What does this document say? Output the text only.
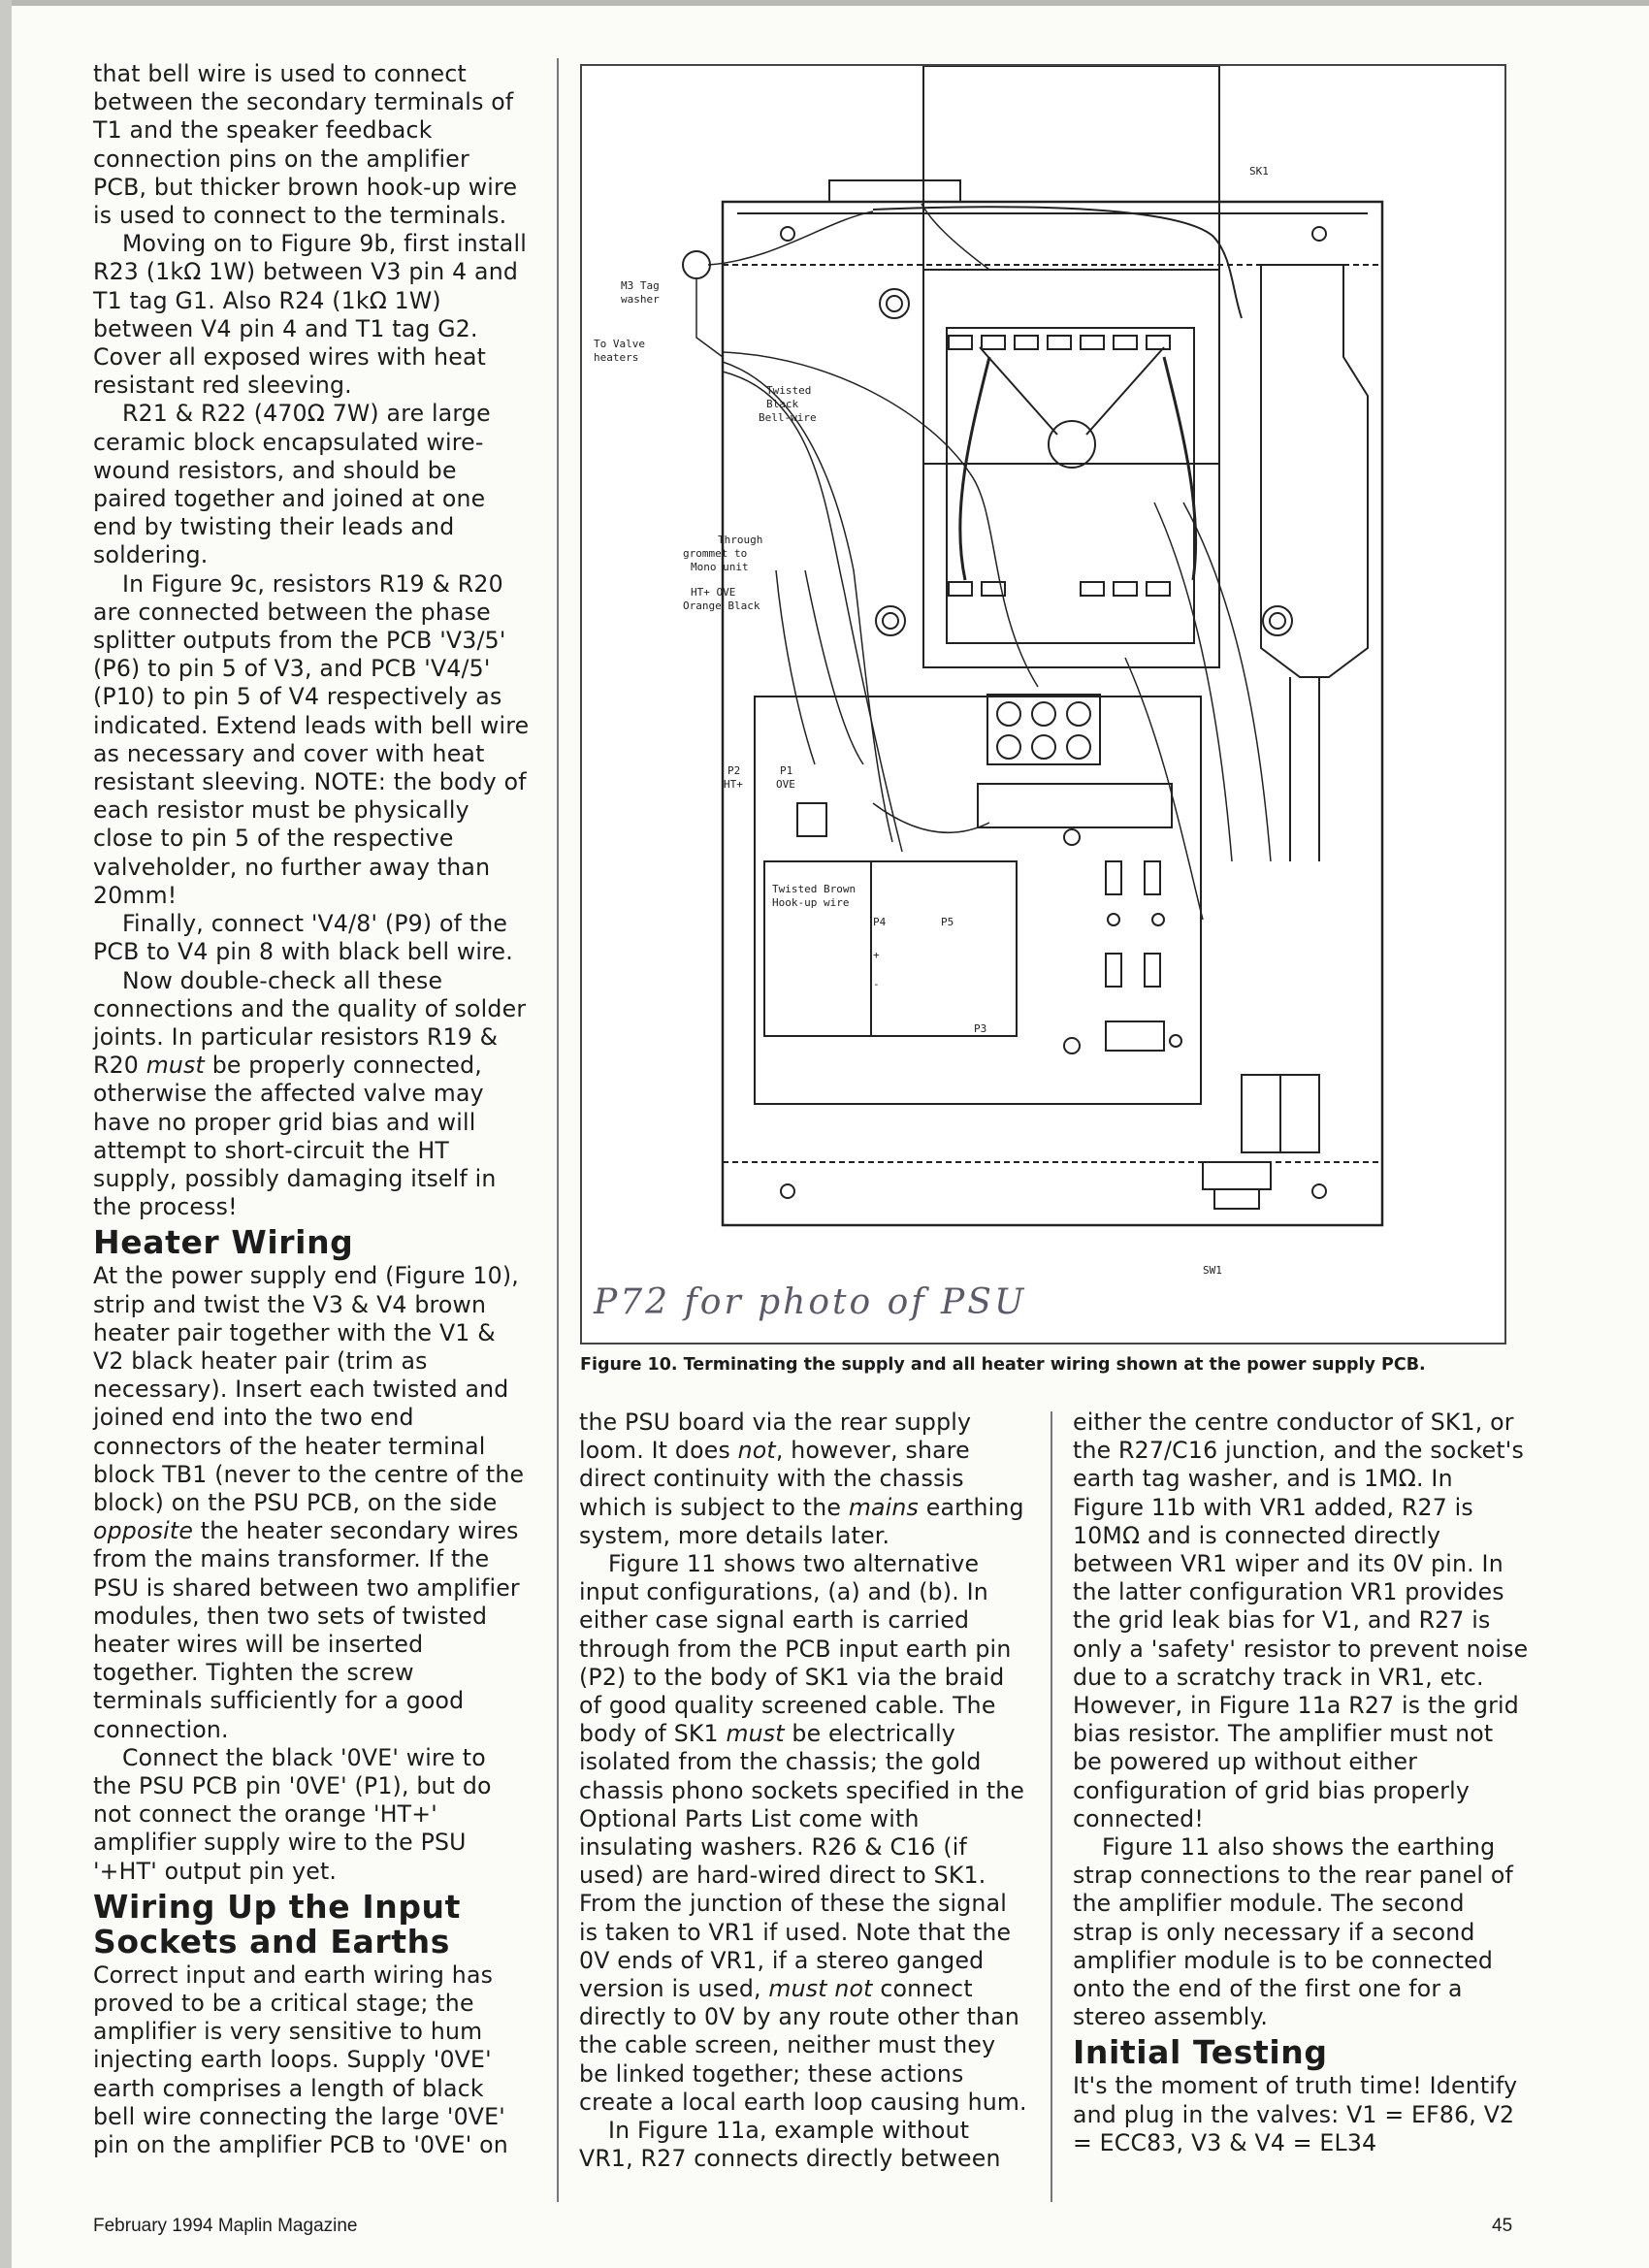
that bell wire is used to connect between the secondary terminals of T1 and the speaker feedback connection pins on the amplifier PCB, but thicker brown hook-up wire is used to connect to the terminals.

Moving on to Figure 9b, first install R23 (1kΩ 1W) between V3 pin 4 and T1 tag G1. Also R24 (1kΩ 1W) between V4 pin 4 and T1 tag G2. Cover all exposed wires with heat resistant red sleeving.

R21 & R22 (470Ω 7W) are large ceramic block encapsulated wire-wound resistors, and should be paired together and joined at one end by twisting their leads and soldering.

In Figure 9c, resistors R19 & R20 are connected between the phase splitter outputs from the PCB 'V3/5' (P6) to pin 5 of V3, and PCB 'V4/5' (P10) to pin 5 of V4 respectively as indicated. Extend leads with bell wire as necessary and cover with heat resistant sleeving. NOTE: the body of each resistor must be physically close to pin 5 of the respective valveholder, no further away than 20mm!

Finally, connect 'V4/8' (P9) of the PCB to V4 pin 8 with black bell wire.

Now double-check all these connections and the quality of solder joints. In particular resistors R19 & R20 must be properly connected, otherwise the affected valve may have no proper grid bias and will attempt to short-circuit the HT supply, possibly damaging itself in the process!

Heater Wiring

At the power supply end (Figure 10), strip and twist the V3 & V4 brown heater pair together with the V1 & V2 black heater pair (trim as necessary). Insert each twisted and joined end into the two end connectors of the heater terminal block TB1 (never to the centre of the block) on the PSU PCB, on the side opposite the heater secondary wires from the mains transformer. If the PSU is shared between two amplifier modules, then two sets of twisted heater wires will be inserted together. Tighten the screw terminals sufficiently for a good connection.

Connect the black '0VE' wire to the PSU PCB pin '0VE' (P1), but do not connect the orange 'HT+' amplifier supply wire to the PSU '+HT' output pin yet.

Wiring Up the Input Sockets and Earths

Correct input and earth wiring has proved to be a critical stage; the amplifier is very sensitive to hum injecting earth loops. Supply '0VE' earth comprises a length of black bell wire connecting the large '0VE' pin on the amplifier PCB to '0VE' on

SK1
SW1
M3 Tag
washer
To Valve
heaters
Twisted
Black
Bell-wire
Through
grommet to
Mono unit
HT+ OVE
Orange Black
P2
HT+
P1
OVE
Twisted Brown
Hook-up wire
P4	P5
P3
+
-
P72 for photo of PSU
Figure 10. Terminating the supply and all heater wiring shown at the power supply PCB.

the PSU board via the rear supply loom. It does not, however, share direct continuity with the chassis which is subject to the mains earthing system, more details later.

Figure 11 shows two alternative input configurations, (a) and (b). In either case signal earth is carried through from the PCB input earth pin (P2) to the body of SK1 via the braid of good quality screened cable. The body of SK1 must be electrically isolated from the chassis; the gold chassis phono sockets specified in the Optional Parts List come with insulating washers. R26 & C16 (if used) are hard-wired direct to SK1. From the junction of these the signal is taken to VR1 if used. Note that the 0V ends of VR1, if a stereo ganged version is used, must not connect directly to 0V by any route other than the cable screen, neither must they be linked together; these actions create a local earth loop causing hum.

In Figure 11a, example without VR1, R27 connects directly between

either the centre conductor of SK1, or the R27/C16 junction, and the socket's earth tag washer, and is 1MΩ. In Figure 11b with VR1 added, R27 is 10MΩ and is connected directly between VR1 wiper and its 0V pin. In the latter configuration VR1 provides the grid leak bias for V1, and R27 is only a 'safety' resistor to prevent noise due to a scratchy track in VR1, etc. However, in Figure 11a R27 is the grid bias resistor. The amplifier must not be powered up without either configuration of grid bias properly connected!

Figure 11 also shows the earthing strap connections to the rear panel of the amplifier module. The second strap is only necessary if a second amplifier module is to be connected onto the end of the first one for a stereo assembly.

Initial Testing

It's the moment of truth time! Identify and plug in the valves: V1 = EF86, V2 = ECC83, V3 & V4 = EL34

February 1994 Maplin Magazine	45
